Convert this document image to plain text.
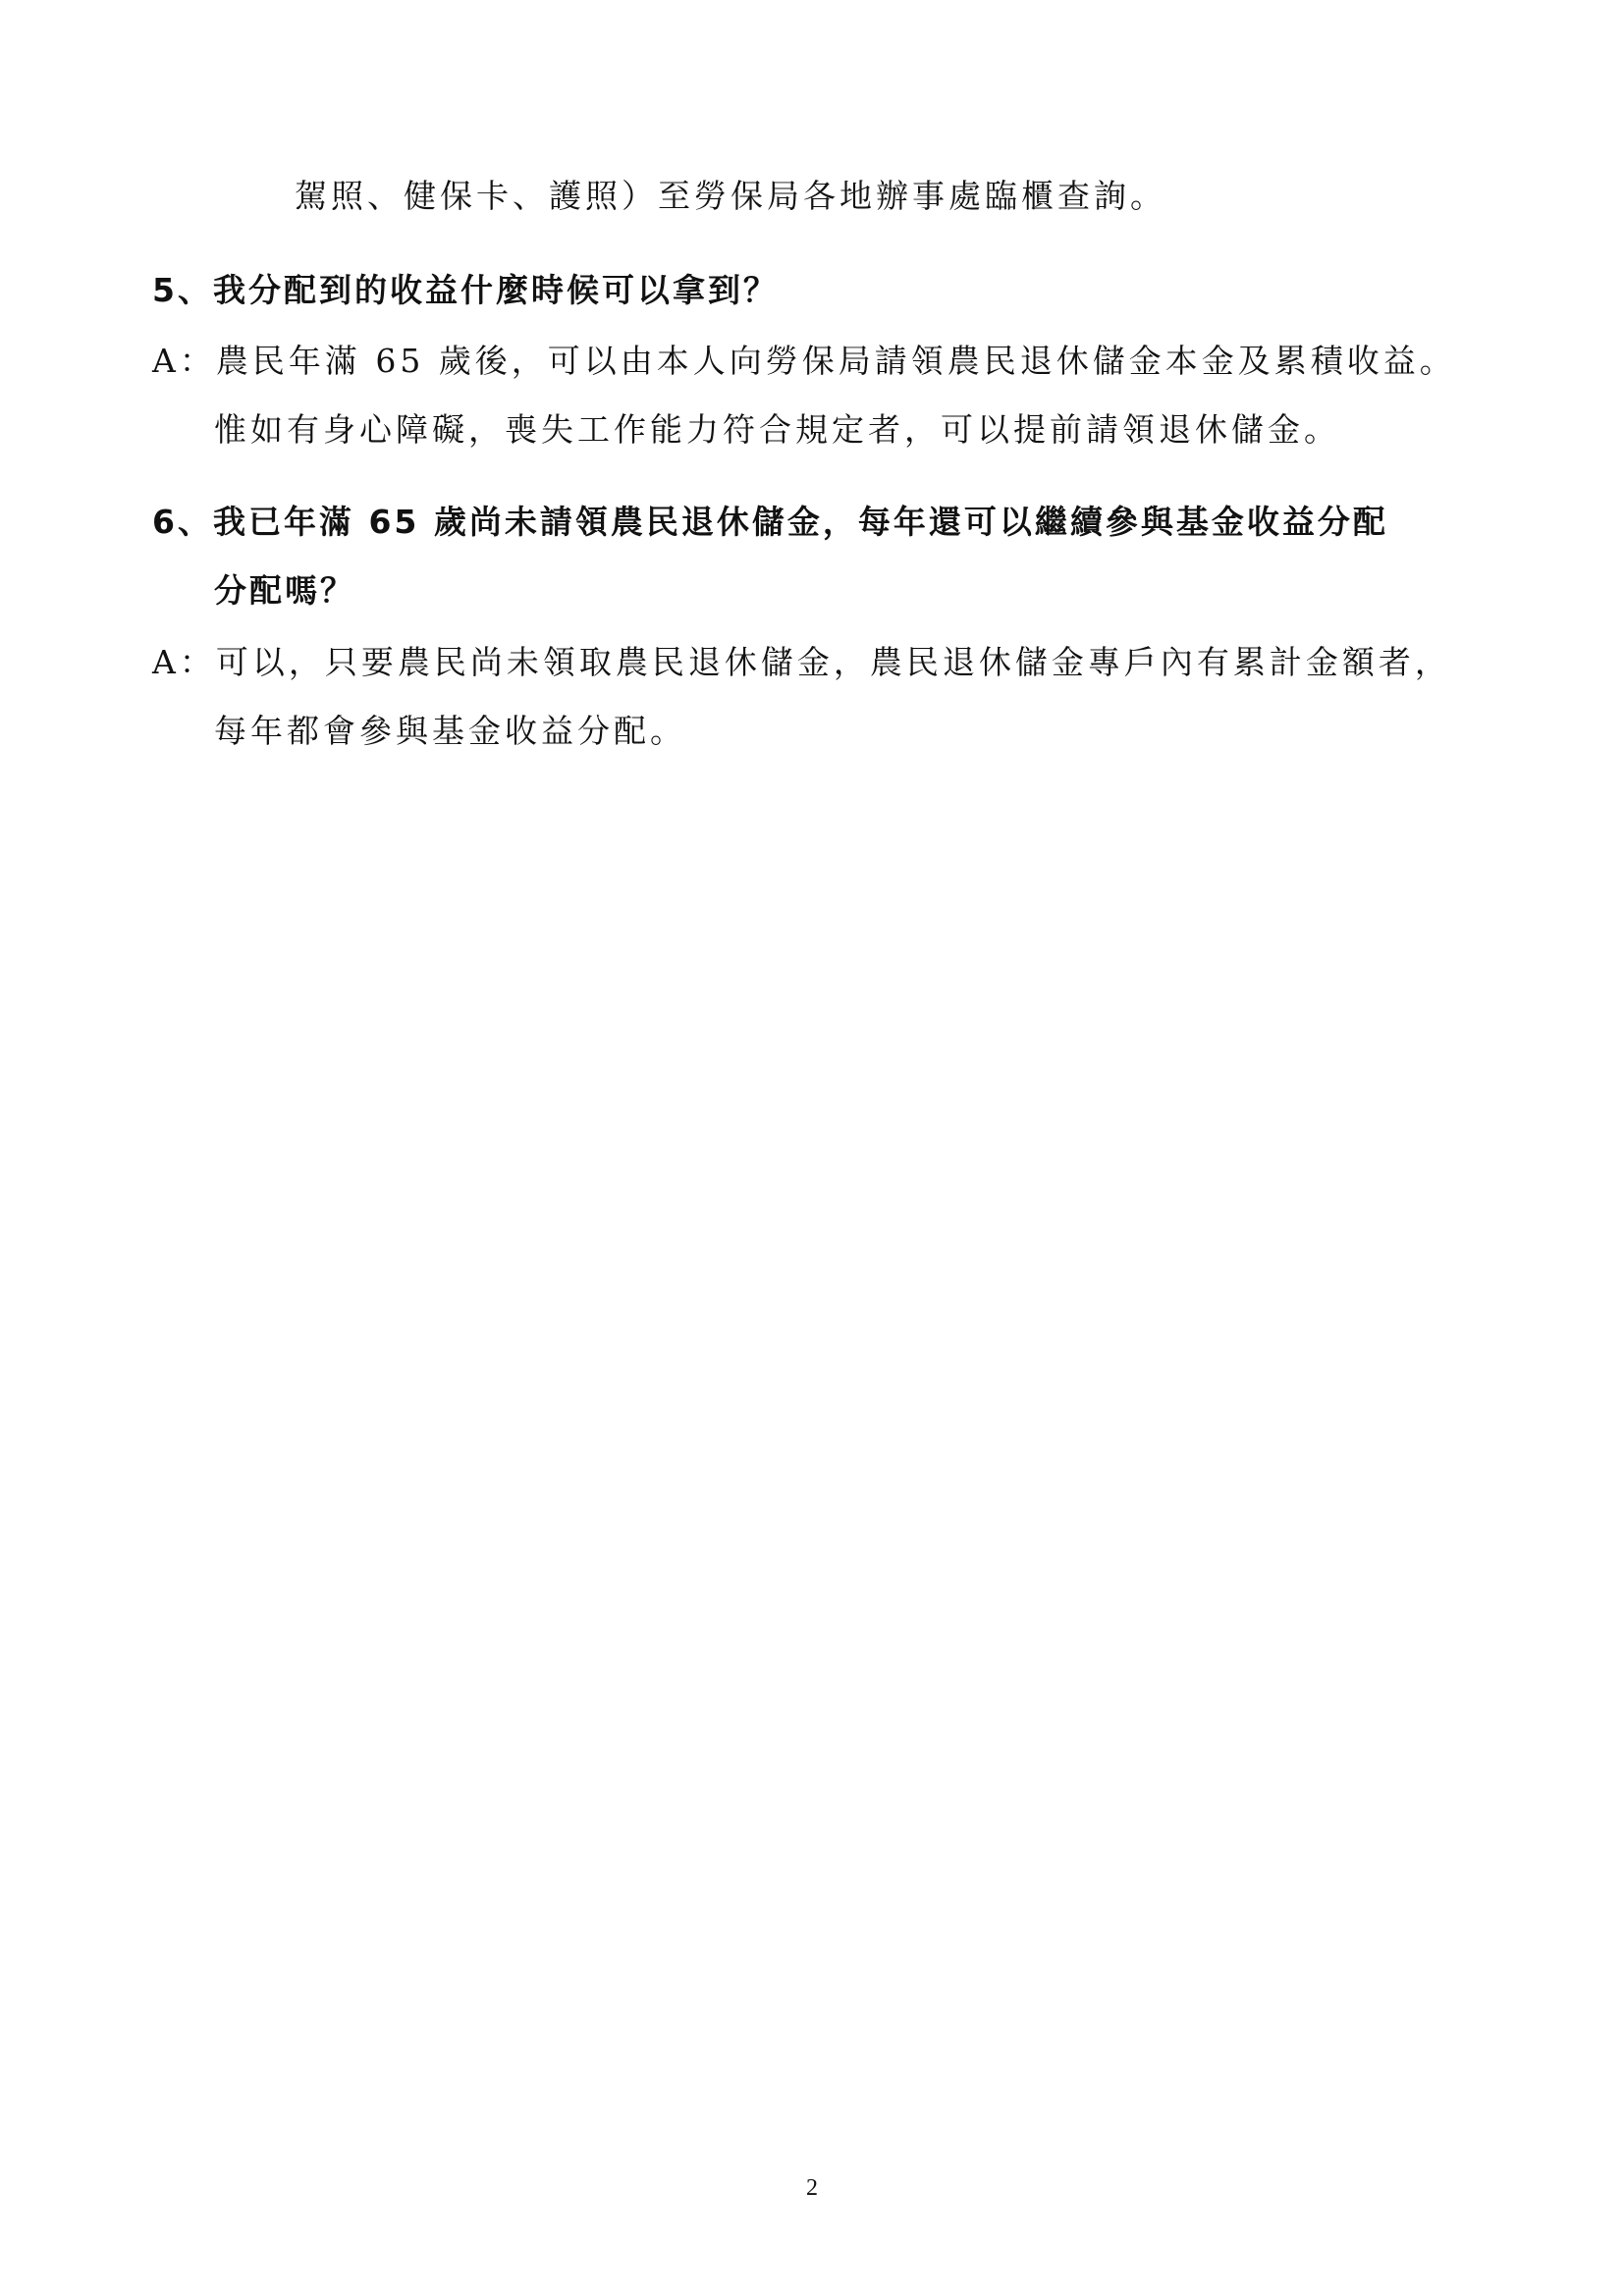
駕照、健保卡、護照）至勞保局各地辦事處臨櫃查詢。
5、我分配到的收益什麼時候可以拿到？
A：農民年滿 65 歲後，可以由本人向勞保局請領農民退休儲金本金及累積收益。
惟如有身心障礙，喪失工作能力符合規定者，可以提前請領退休儲金。
6、我已年滿 65 歲尚未請領農民退休儲金，每年還可以繼續參與基金收益分配
分配嗎？
A：可以，只要農民尚未領取農民退休儲金，農民退休儲金專戶內有累計金額者，
每年都會參與基金收益分配。
2
